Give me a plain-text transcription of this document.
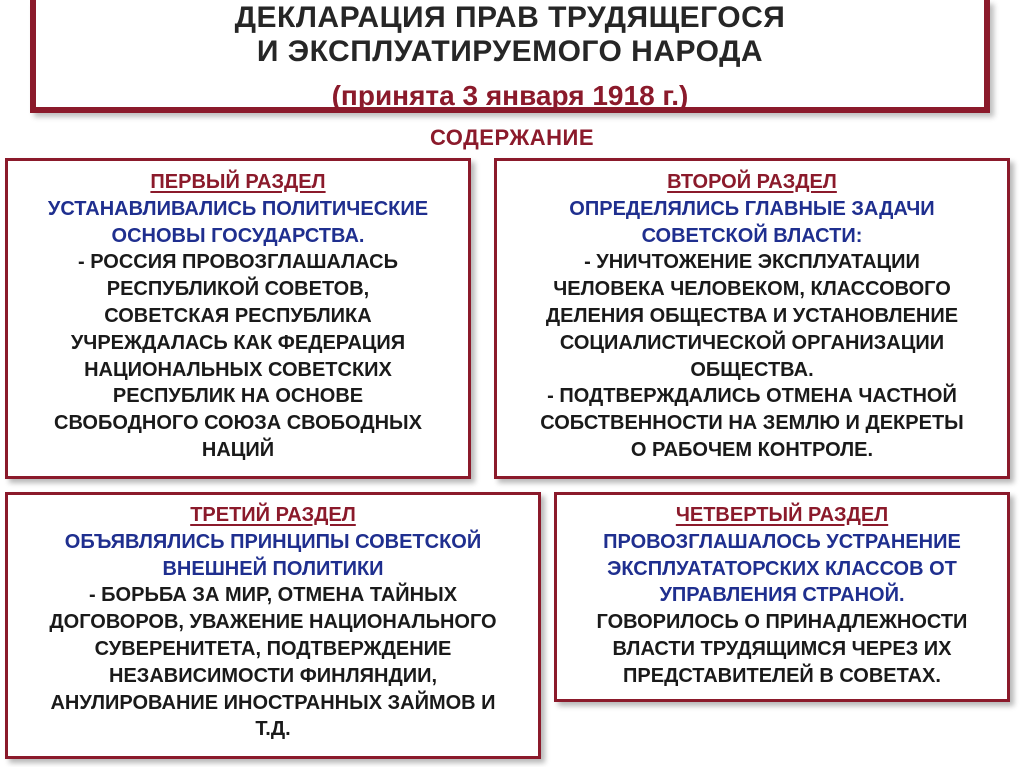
ДЕКЛАРАЦИЯ ПРАВ ТРУДЯЩЕГОСЯ
И ЭКСПЛУАТИРУЕМОГО НАРОДА
(принята 3 января 1918 г.)
СОДЕРЖАНИЕ
ПЕРВЫЙ РАЗДЕЛ
УСТАНАВЛИВАЛИСЬ ПОЛИТИЧЕСКИЕ
ОСНОВЫ ГОСУДАРСТВА.
- РОССИЯ ПРОВОЗГЛАШАЛАСЬ
РЕСПУБЛИКОЙ СОВЕТОВ,
СОВЕТСКАЯ РЕСПУБЛИКА
УЧРЕЖДАЛАСЬ КАК ФЕДЕРАЦИЯ
НАЦИОНАЛЬНЫХ СОВЕТСКИХ
РЕСПУБЛИК НА ОСНОВЕ
СВОБОДНОГО СОЮЗА СВОБОДНЫХ
НАЦИЙ
ВТОРОЙ РАЗДЕЛ
ОПРЕДЕЛЯЛИСЬ ГЛАВНЫЕ ЗАДАЧИ
СОВЕТСКОЙ ВЛАСТИ:
- УНИЧТОЖЕНИЕ ЭКСПЛУАТАЦИИ
ЧЕЛОВЕКА ЧЕЛОВЕКОМ, КЛАССОВОГО
ДЕЛЕНИЯ ОБЩЕСТВА И УСТАНОВЛЕНИЕ
СОЦИАЛИСТИЧЕСКОЙ ОРГАНИЗАЦИИ
ОБЩЕСТВА.
- ПОДТВЕРЖДАЛИСЬ ОТМЕНА ЧАСТНОЙ
СОБСТВЕННОСТИ НА ЗЕМЛЮ И ДЕКРЕТЫ
О РАБОЧЕМ КОНТРОЛЕ.
ТРЕТИЙ РАЗДЕЛ
ОБЪЯВЛЯЛИСЬ ПРИНЦИПЫ СОВЕТСКОЙ
ВНЕШНЕЙ ПОЛИТИКИ
- БОРЬБА ЗА МИР, ОТМЕНА ТАЙНЫХ
ДОГОВОРОВ, УВАЖЕНИЕ НАЦИОНАЛЬНОГО
СУВЕРЕНИТЕТА, ПОДТВЕРЖДЕНИЕ
НЕЗАВИСИМОСТИ ФИНЛЯНДИИ,
АНУЛИРОВАНИЕ ИНОСТРАННЫХ ЗАЙМОВ И
Т.Д.
ЧЕТВЕРТЫЙ РАЗДЕЛ
ПРОВОЗГЛАШАЛОСЬ УСТРАНЕНИЕ
ЭКСПЛУАТАТОРСКИХ КЛАССОВ ОТ
УПРАВЛЕНИЯ СТРАНОЙ.
ГОВОРИЛОСЬ О ПРИНАДЛЕЖНОСТИ
ВЛАСТИ ТРУДЯЩИМСЯ ЧЕРЕЗ ИХ
ПРЕДСТАВИТЕЛЕЙ В СОВЕТАХ.
